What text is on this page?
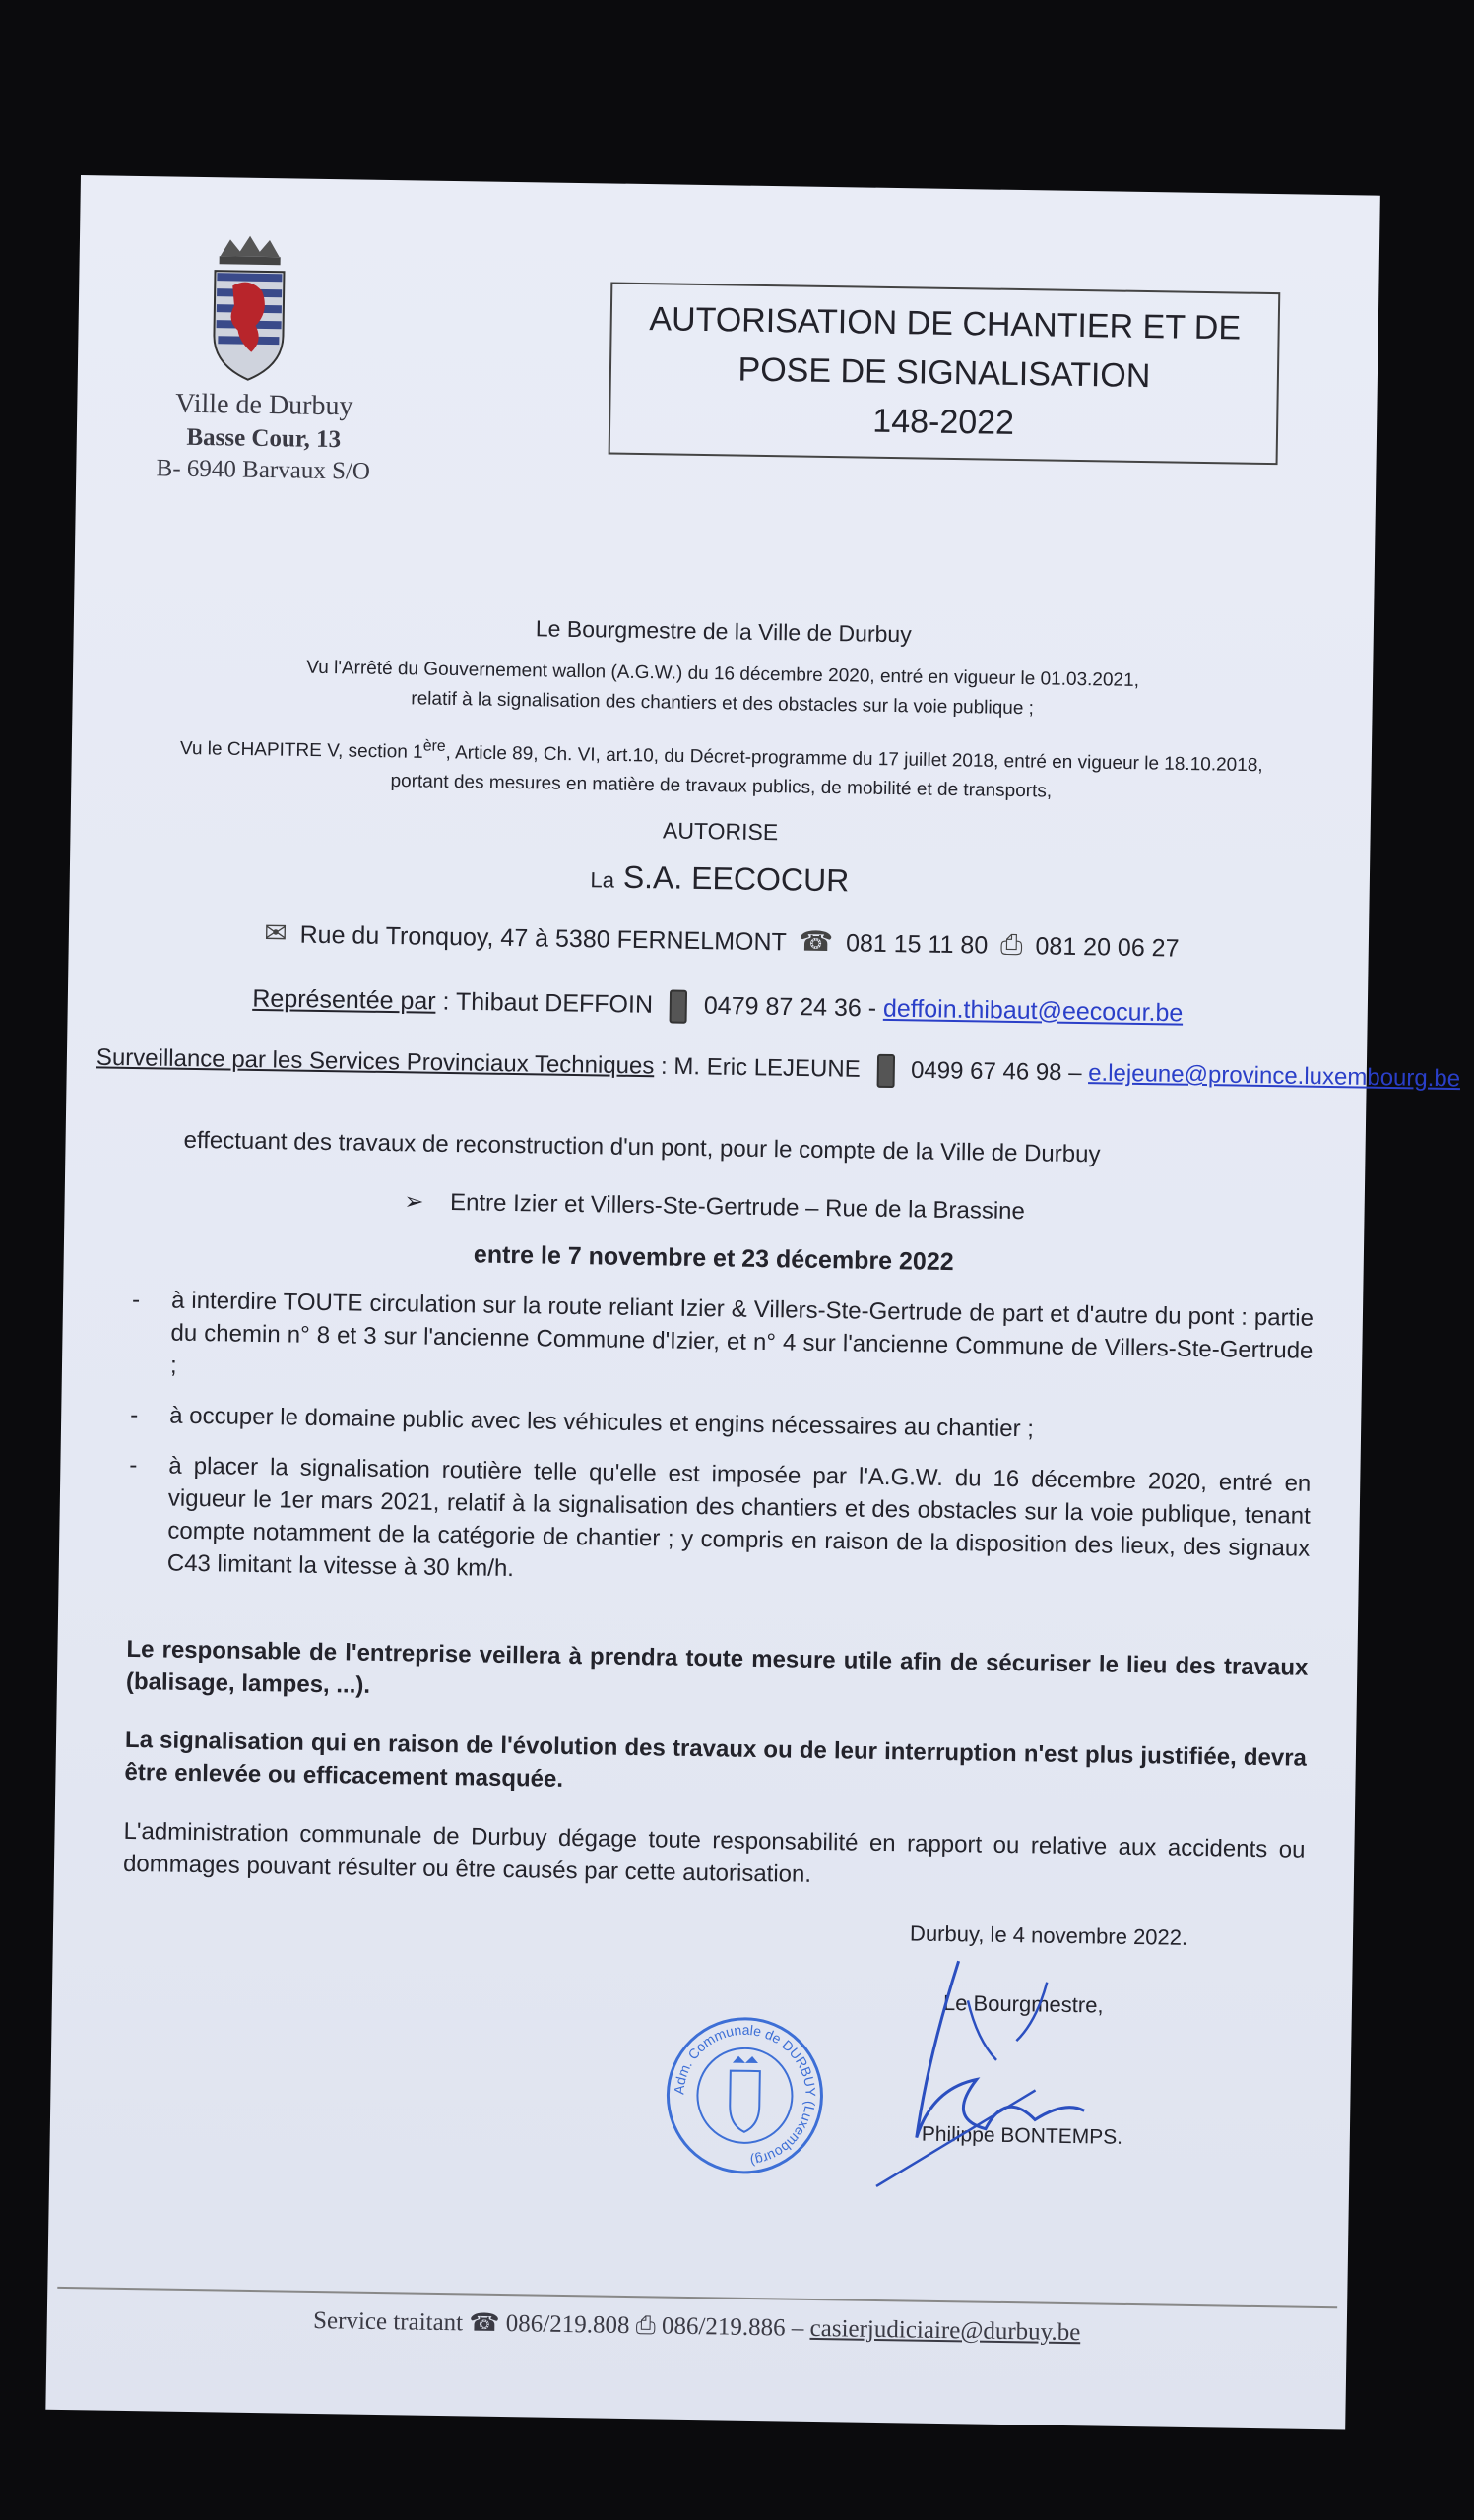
Ville de Durbuy
Basse Cour, 13
B- 6940 Barvaux S/O
AUTORISATION DE CHANTIER ET DE
POSE DE SIGNALISATION
148-2022
Le Bourgmestre de la Ville de Durbuy
Vu l'Arrêté du Gouvernement wallon (A.G.W.) du 16 décembre 2020, entré en vigueur le 01.03.2021,
relatif à la signalisation des chantiers et des obstacles sur la voie publique ;
Vu le CHAPITRE V, section 1ère, Article 89, Ch. VI, art.10, du Décret-programme du 17 juillet 2018, entré en vigueur le 18.10.2018,
portant des mesures en matière de travaux publics, de mobilité et de transports,
AUTORISE
La S.A. EECOCUR
✉ Rue du Tronquoy, 47 à 5380 FERNELMONT ☎ 081 15 11 80 ⎙ 081 20 06 27
Représentée par : Thibaut DEFFOIN 0479 87 24 36 - deffoin.thibaut@eecocur.be
Surveillance par les Services Provinciaux Techniques : M. Eric LEJEUNE 0499 67 46 98 – e.lejeune@province.luxembourg.be
effectuant des travaux de reconstruction d'un pont, pour le compte de la Ville de Durbuy
➢ Entre Izier et Villers-Ste-Gertrude – Rue de la Brassine
entre le 7 novembre et 23 décembre 2022
- à interdire TOUTE circulation sur la route reliant Izier & Villers-Ste-Gertrude de part et d'autre du pont : partie du chemin n° 8 et 3 sur l'ancienne Commune d'Izier, et n° 4 sur l'ancienne Commune de Villers-Ste-Gertrude ;
- à occuper le domaine public avec les véhicules et engins nécessaires au chantier ;
- à placer la signalisation routière telle qu'elle est imposée par l'A.G.W. du 16 décembre 2020, entré en vigueur le 1er mars 2021, relatif à la signalisation des chantiers et des obstacles sur la voie publique, tenant compte notamment de la catégorie de chantier ; y compris en raison de la disposition des lieux, des signaux C43 limitant la vitesse à 30 km/h.
Le responsable de l'entreprise veillera à prendra toute mesure utile afin de sécuriser le lieu des travaux (balisage, lampes, ...).
La signalisation qui en raison de l'évolution des travaux ou de leur interruption n'est plus justifiée, devra être enlevée ou efficacement masquée.
L'administration communale de Durbuy dégage toute responsabilité en rapport ou relative aux accidents ou dommages pouvant résulter ou être causés par cette autorisation.
Durbuy, le 4 novembre 2022.
Le Bourgmestre,
Philippe BONTEMPS.
Adm. Communale de DURBUY (Luxembourg)
Service traitant ☎ 086/219.808 ⎙ 086/219.886 – casierjudiciaire@durbuy.be
